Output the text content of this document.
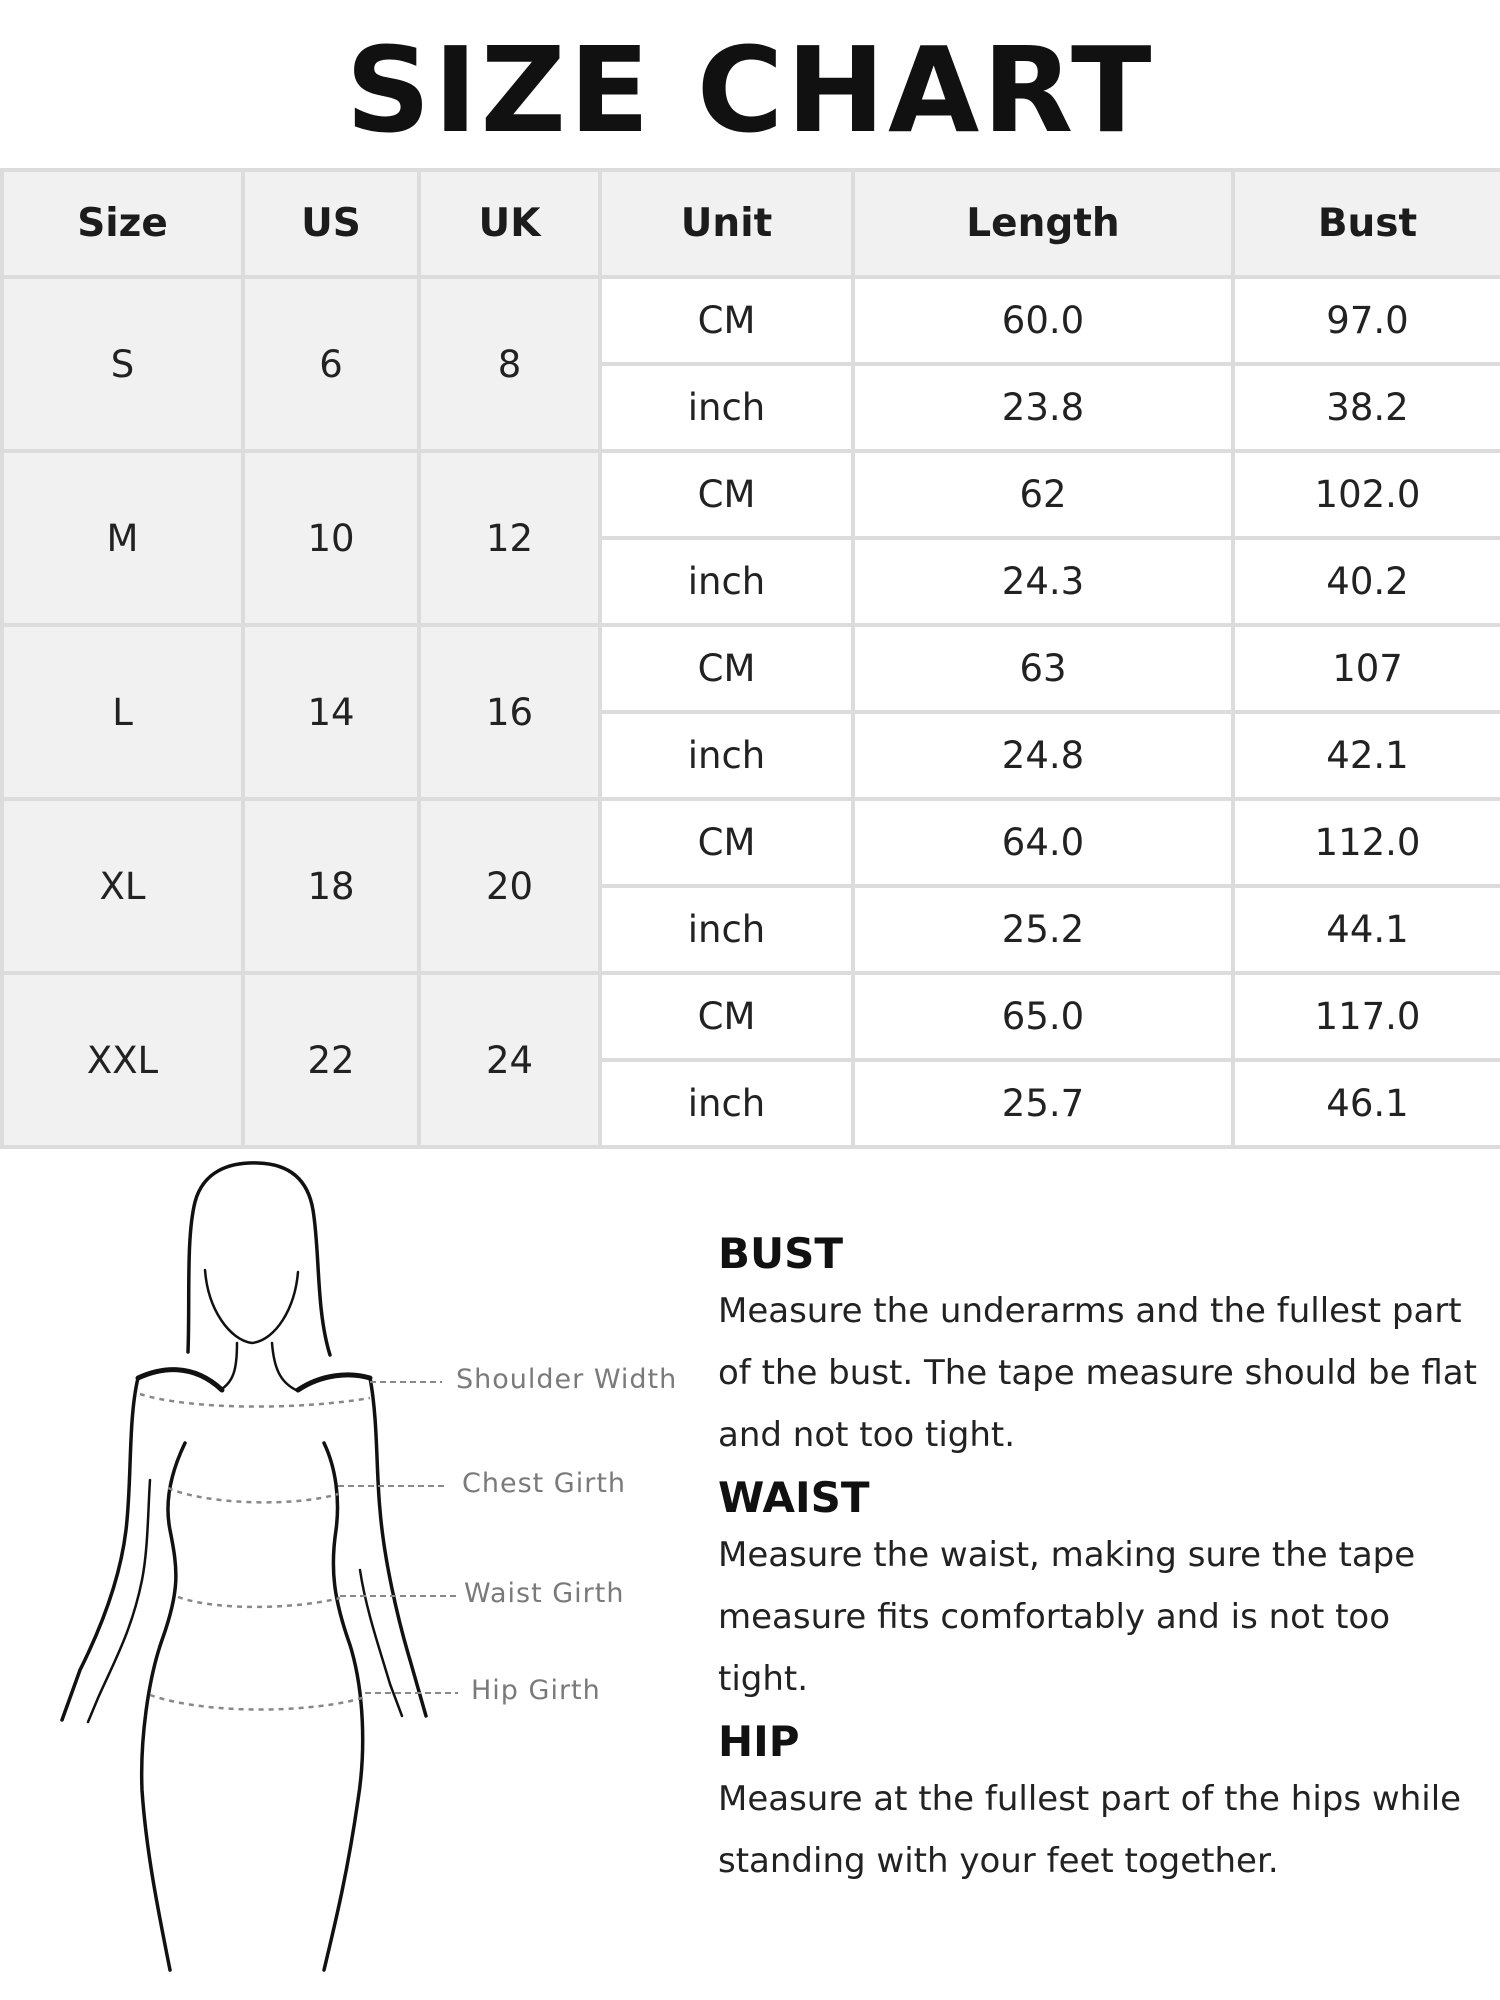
SIZE CHART
Size	US	UK	Unit	Length	Bust
S	6	8	CM	60.0	97.0
			inch	23.8	38.2
M	10	12	CM	62	102.0
			inch	24.3	40.2
L	14	16	CM	63	107
			inch	24.8	42.1
XL	18	20	CM	64.0	112.0
			inch	25.2	44.1
XXL	22	24	CM	65.0	117.0
			inch	25.7	46.1
Shoulder Width
Chest Girth
Waist Girth
Hip Girth
BUST

Measure the underarms and the fullest part of the bust. The tape measure should be flat and not too tight.

WAIST

Measure the waist, making sure the tape measure fits comfortably and is not too tight.

HIP

Measure at the fullest part of the hips while standing with your feet together.
